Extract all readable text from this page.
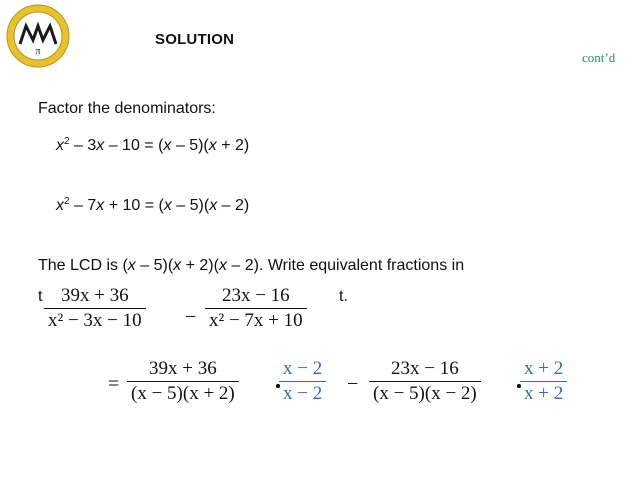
π
SOLUTION
cont’d
Factor the denominators:
$x^2 - 3x - 10 = (x - 5)(x + 2)$
$x^2 - 7x + 10 = (x - 5)(x - 2)$
The LCD is (x – 5)(x + 2)(x – 2). Write equivalent fractions in
t	t.
39x + 36
x² − 3x − 10 −
23x − 16
x² − 7x + 10
=
39x + 36
(x − 5)(x + 2)
x − 2
x − 2 −
23x − 16
(x − 5)(x − 2)
x + 2
x + 2
